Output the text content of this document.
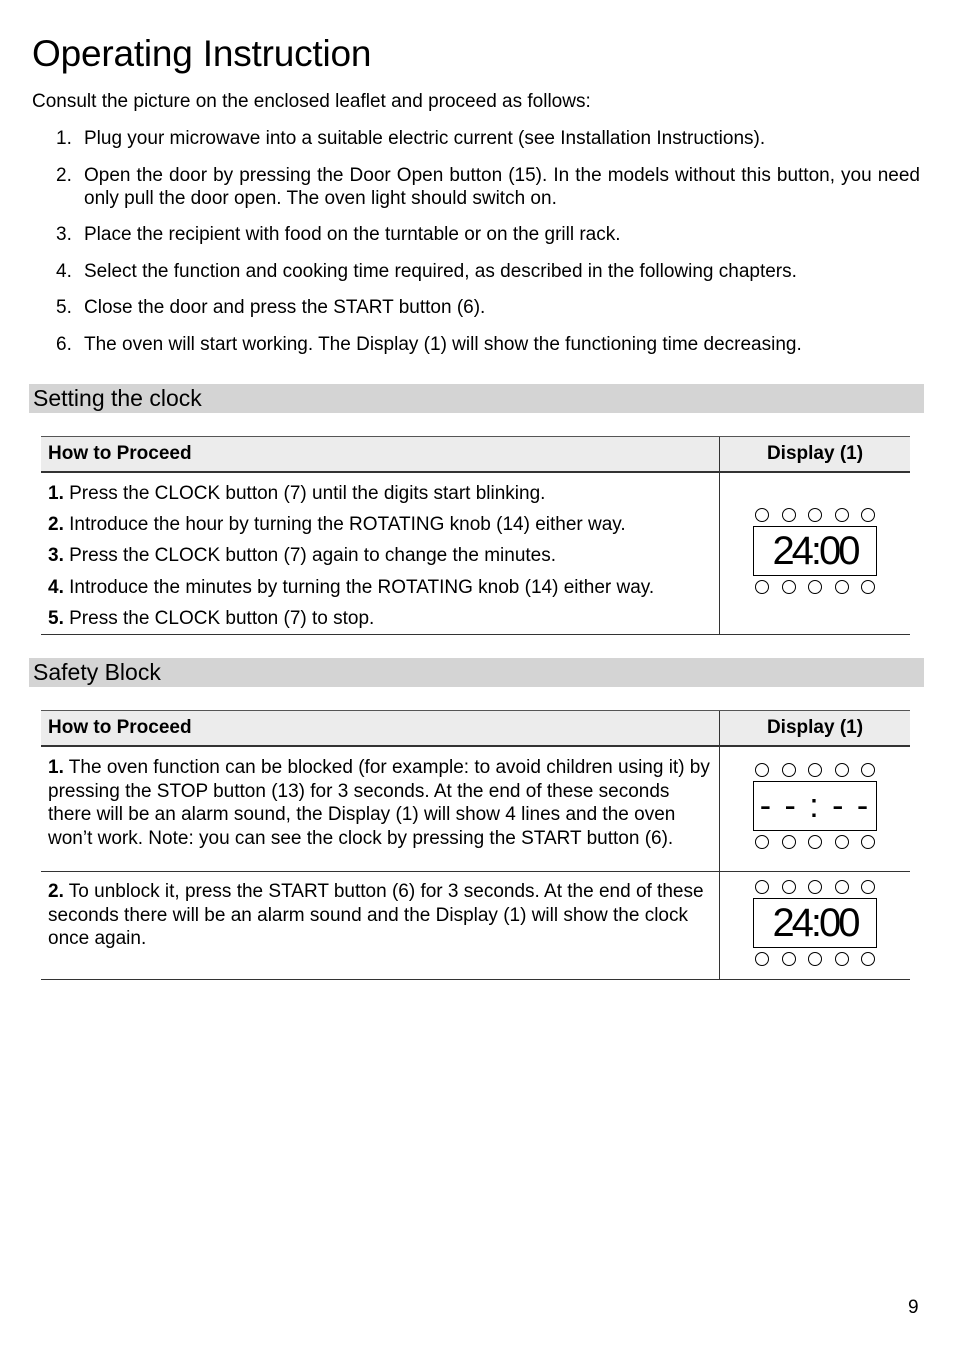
Operating Instruction
Consult the picture on the enclosed leaflet and proceed as follows:
1. Plug your microwave into a suitable electric current (see Installation Instructions).
2. Open the door by pressing the Door Open button (15). In the models without this button, you need only pull the door open. The oven light should switch on.
3. Place the recipient with food on the turntable or on the grill rack.
4. Select the function and cooking time required, as described in the following chapters.
5. Close the door and press the START button (6).
6. The oven will start working. The Display (1) will show the functioning time decreasing.
Setting the clock
How to Proceed	Display (1)

1. Press the CLOCK button (7) until the digits start blinking.

2. Introduce the hour by turning the ROTATING knob (14) either way.

3. Press the CLOCK button (7) again to change the minutes.

4. Introduce the minutes by turning the ROTATING knob (14) either way.

5. Press the CLOCK button (7) to stop.	24:00
Safety Block
How to Proceed	Display (1)

1. The oven function can be blocked (for example: to avoid children using it) by pressing the STOP button (13) for 3 seconds. At the end of these seconds there will be an alarm sound, the Display (1) will show 4 lines and the oven won’t work. Note: you can see the clock by pressing the START button (6).	- - : - -

2. To unblock it, press the START button (6) for 3 seconds. At the end of these seconds there will be an alarm sound and the Display (1) will show the clock once again.	24:00
9
